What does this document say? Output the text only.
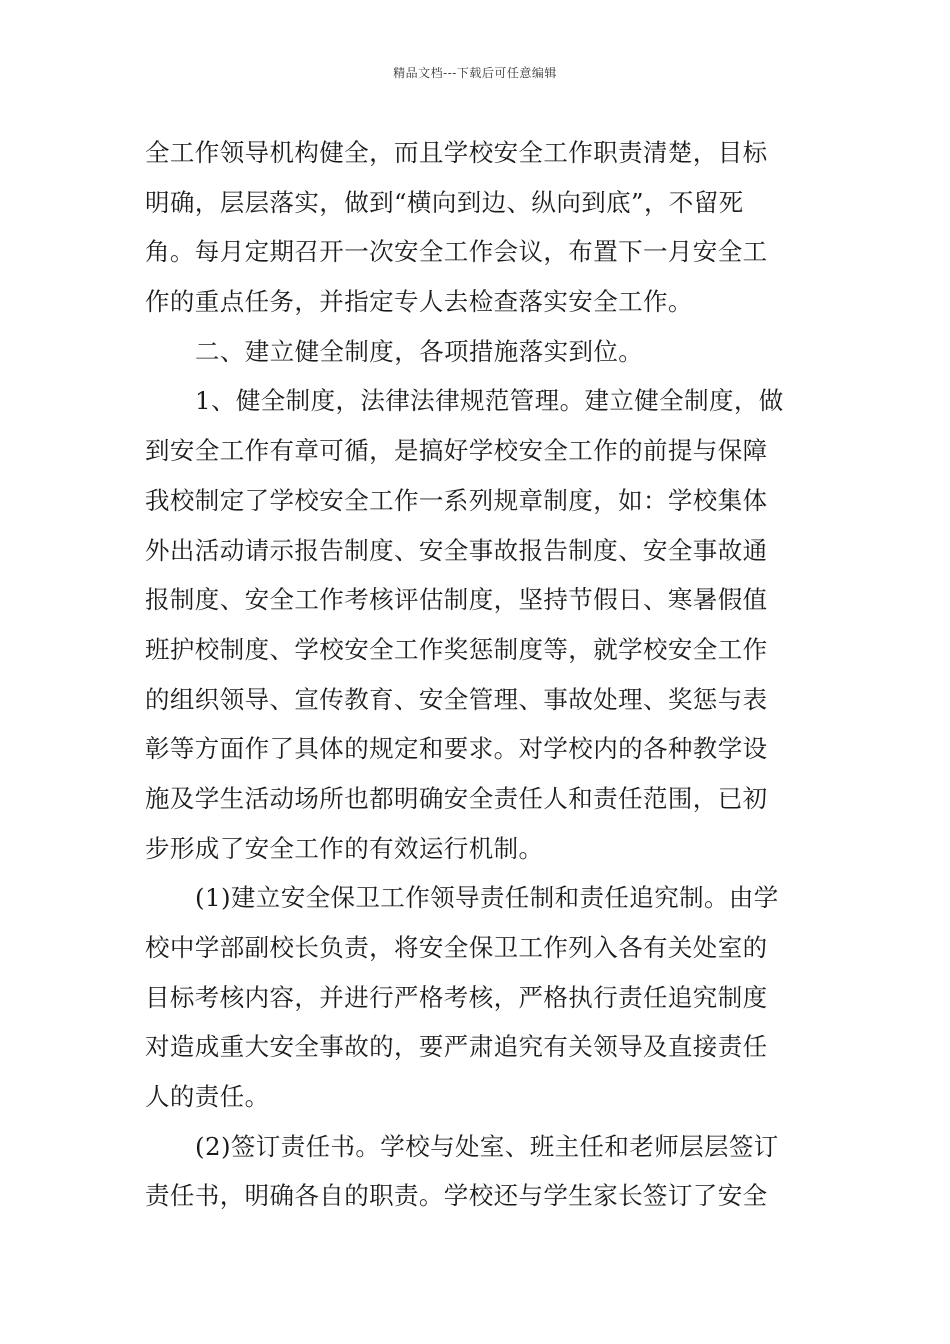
精品文档---下载后可任意编辑
全工作领导机构健全，而且学校安全工作职责清楚，目标
明确，层层落实，做到“横向到边、纵向到底”，不留死
角。每月定期召开一次安全工作会议，布置下一月安全工
作的重点任务，并指定专人去检查落实安全工作。
二、建立健全制度，各项措施落实到位。
1、健全制度，法律法律规范管理。建立健全制度，做
到安全工作有章可循，是搞好学校安全工作的前提与保障
我校制定了学校安全工作一系列规章制度，如：学校集体
外出活动请示报告制度、安全事故报告制度、安全事故通
报制度、安全工作考核评估制度，坚持节假日、寒暑假值
班护校制度、学校安全工作奖惩制度等，就学校安全工作
的组织领导、宣传教育、安全管理、事故处理、奖惩与表
彰等方面作了具体的规定和要求。对学校内的各种教学设
施及学生活动场所也都明确安全责任人和责任范围，已初
步形成了安全工作的有效运行机制。
(1)建立安全保卫工作领导责任制和责任追究制。由学
校中学部副校长负责，将安全保卫工作列入各有关处室的
目标考核内容，并进行严格考核，严格执行责任追究制度
对造成重大安全事故的，要严肃追究有关领导及直接责任
人的责任。
(2)签订责任书。学校与处室、班主任和老师层层签订
责任书，明确各自的职责。学校还与学生家长签订了安全
